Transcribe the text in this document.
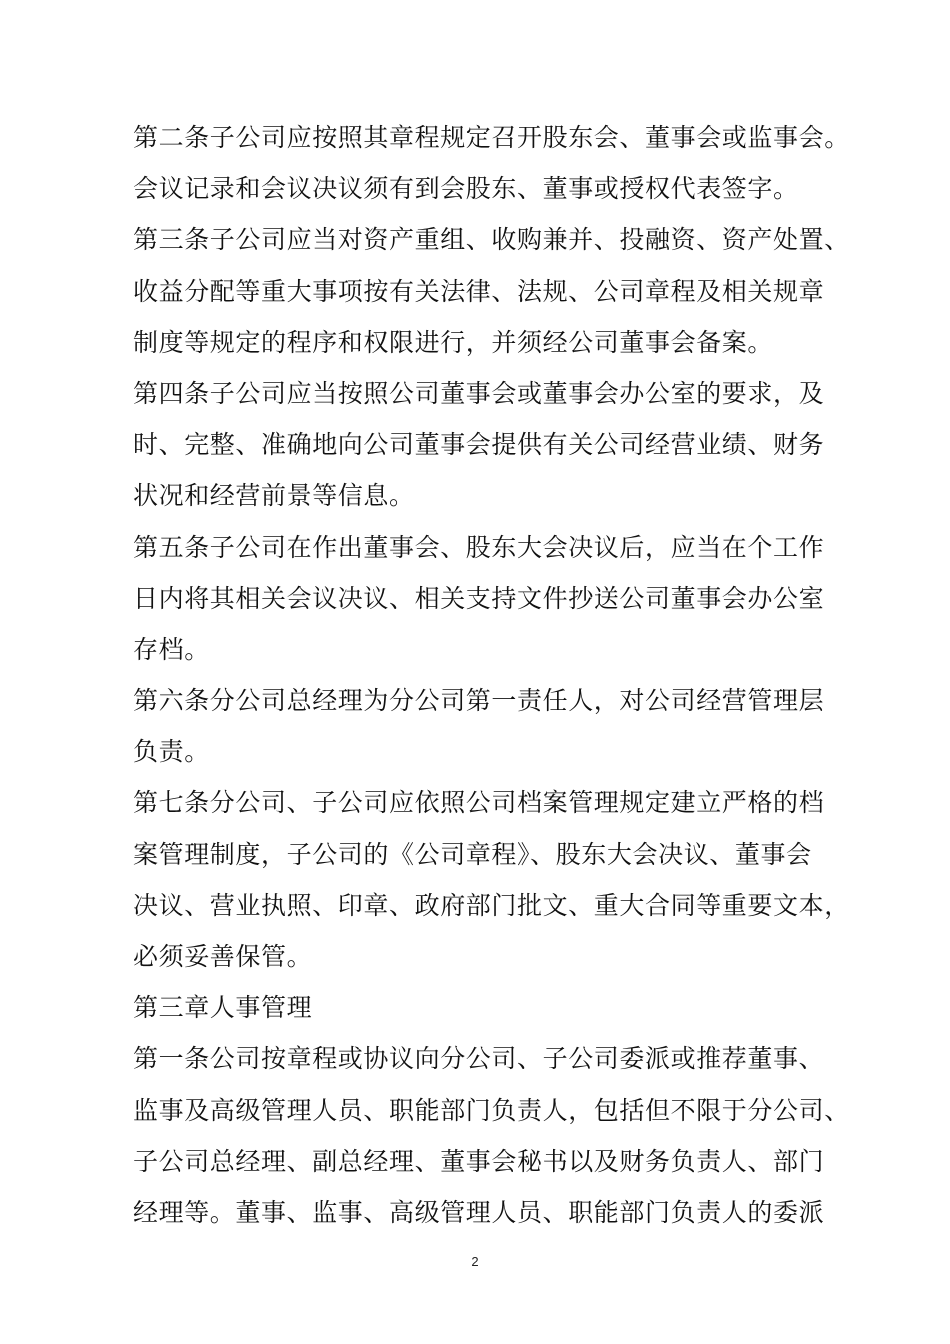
第二条子公司应按照其章程规定召开股东会、董事会或监事会。
会议记录和会议决议须有到会股东、董事或授权代表签字。
第三条子公司应当对资产重组、收购兼并、投融资、资产处置、
收益分配等重大事项按有关法律、法规、公司章程及相关规章
制度等规定的程序和权限进行，并须经公司董事会备案。
第四条子公司应当按照公司董事会或董事会办公室的要求，及
时、完整、准确地向公司董事会提供有关公司经营业绩、财务
状况和经营前景等信息。
第五条子公司在作出董事会、股东大会决议后，应当在个工作
日内将其相关会议决议、相关支持文件抄送公司董事会办公室
存档。
第六条分公司总经理为分公司第一责任人，对公司经营管理层
负责。
第七条分公司、子公司应依照公司档案管理规定建立严格的档
案管理制度，子公司的《公司章程》、股东大会决议、董事会
决议、营业执照、印章、政府部门批文、重大合同等重要文本，
必须妥善保管。
第三章人事管理
第一条公司按章程或协议向分公司、子公司委派或推荐董事、
监事及高级管理人员、职能部门负责人，包括但不限于分公司、
子公司总经理、副总经理、董事会秘书以及财务负责人、部门
经理等。董事、监事、高级管理人员、职能部门负责人的委派
2
